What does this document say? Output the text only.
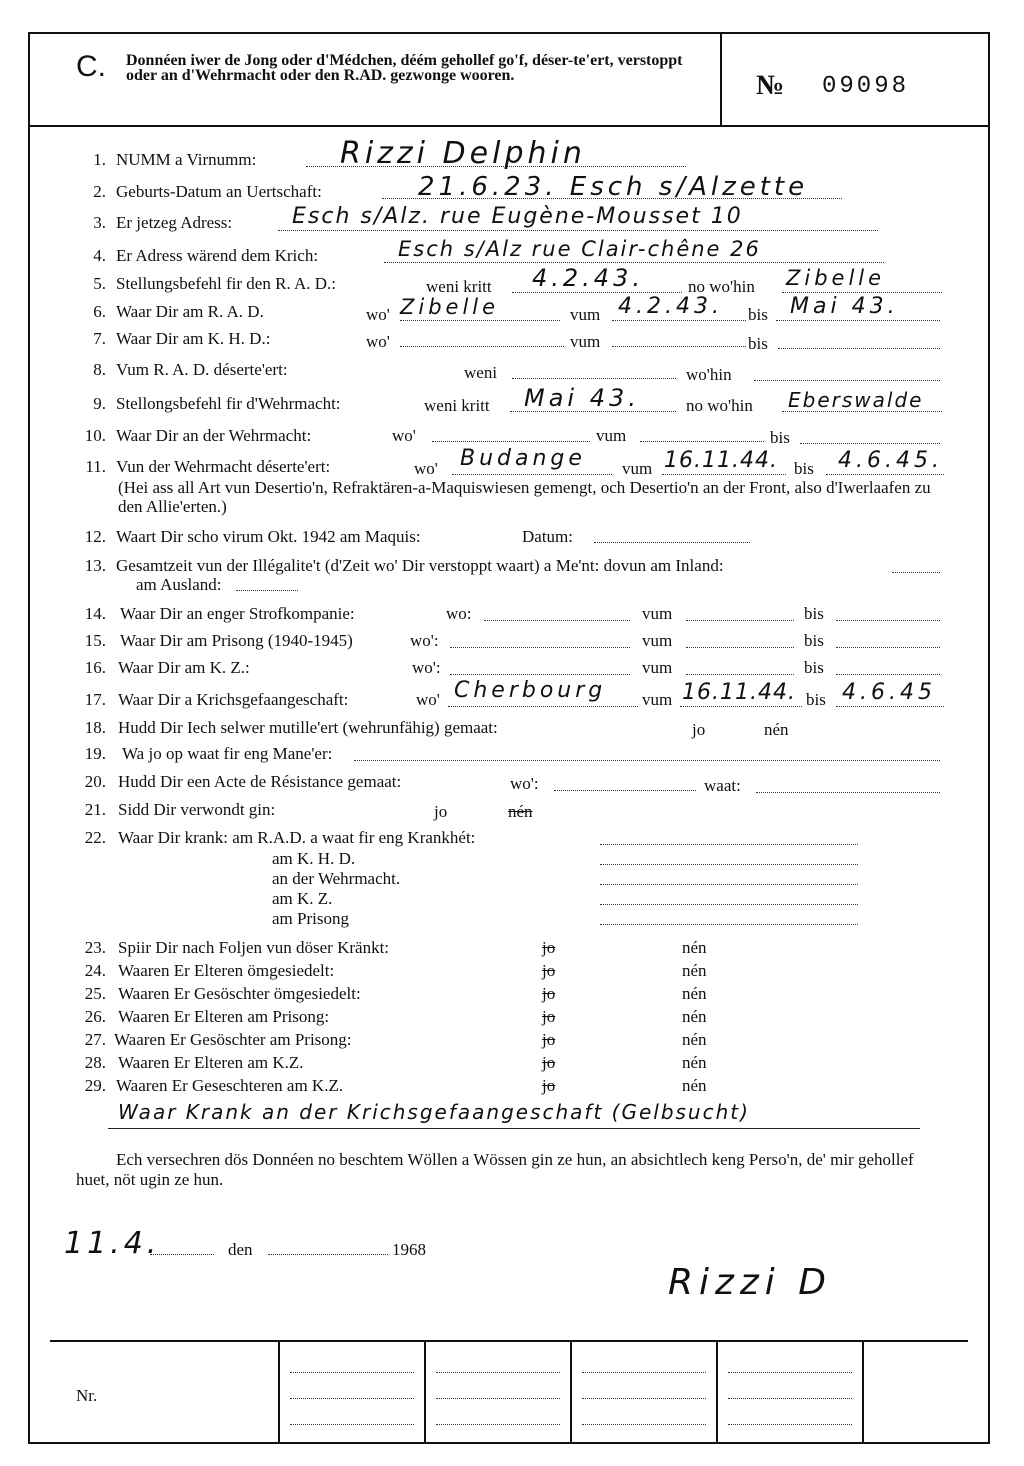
C. Donnéen iwer de Jong oder d'Médchen, déém gehollef go'f, déser-te'ert, verstoppt oder an d'Wehrmacht oder den R.AD. gezwonge wooren.	№ 09098
1. NUMM a Virnumm:	Rizzi Delphin
2. Geburts-Datum an Uertschaft:	21.6.23. Esch s/Alzette
3. Er jetzeg Adress:	Esch s/Alz. rue Eugène-Mousset 10
4. Er Adress wärend dem Krich:	Esch s/Alz rue Clair-chêne 26
5. Stellungsbefehl fir den R. A. D.:	weni kritt 4.2.43.	no wo'hin Zibelle
6. Waar Dir am R. A. D.	wo' Zibelle	vum 4.2.43. bis Mai 43.
7. Waar Dir am K. H. D.:	wo'	vum	bis
8. Vum R. A. D. déserte'ert:	weni	wo'hin
9. Stellongsbefehl fir d'Wehrmacht:	weni kritt Mai 43.	no wo'hin Eberswalde
10. Waar Dir an der Wehrmacht:	wo'	vum	bis
11. Vun der Wehrmacht déserte'ert:	wo' Budange vum 16.11.44. bis 4.6.45.
(Hei ass all Art vun Desertio'n, Refraktären-a-Maquiswiesen gemengt, och Desertio'n an der Front, also d'Iwerlaafen zu den Allie'erten.)
12. Waart Dir scho virum Okt. 1942 am Maquis:	Datum:
13. Gesamtzeit vun der Illégalite't (d'Zeit wo' Dir verstoppt waart) a Me'nt: dovun am Inland:
am Ausland:
14. Waar Dir an enger Strofkompanie:	wo:	vum	bis
15. Waar Dir am Prisong (1940-1945)	wo':	vum	bis
16. Waar Dir am K. Z.:	wo':	vum	bis
17. Waar Dir a Krichsgefaangeschaft:	wo' Cherbourg vum 16.11.44. bis 4.6.45
18. Hudd Dir Iech selwer mutille'ert (wehrunfähig) gemaat:	jo	nén
19. Wa jo op waat fir eng Mane'er:
20. Hudd Dir een Acte de Résistance gemaat:	wo':	waat:
21. Sidd Dir verwondt gin:	jo	nén
22. Waar Dir krank: am R.A.D. a waat fir eng Krankhét:
am K. H. D.
an der Wehrmacht.
am K. Z.
am Prisong
23. Spiir Dir nach Foljen vun döser Kränkt:	jo	nén
24. Waaren Er Elteren ömgesiedelt:	jo	nén
25. Waaren Er Gesöschter ömgesiedelt:	jo	nén
26. Waaren Er Elteren am Prisong:	jo	nén
27. Waaren Er Gesöschter am Prisong:	jo	nén
28. Waaren Er Elteren am K.Z.	jo	nén
29. Waaren Er Geseschteren am K.Z.	jo	nén
Waar Krank an der Krichsgefaangeschaft (Gelbsucht)
Ech versechren dös Donnéen no beschtem Wöllen a Wössen gin ze hun, an absichtlech keng Perso'n, de' mir gehollef huet, nöt ugin ze hun.
11.4.	den	1968
Rizzi D
Nr.
